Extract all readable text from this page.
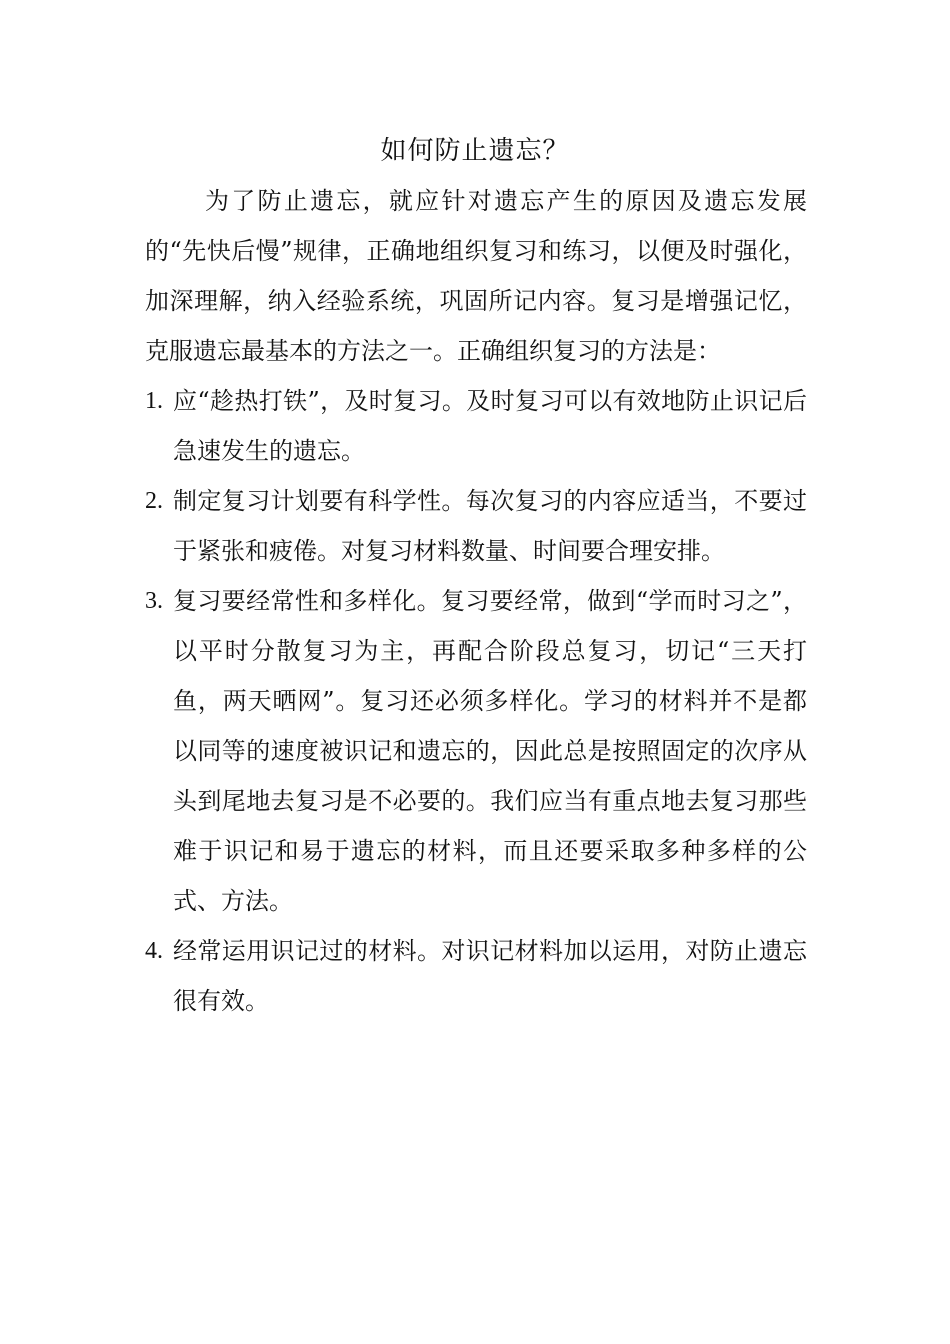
如何防止遗忘？

为了防止遗忘，就应针对遗忘产生的原因及遗忘发展的“先快后慢”规律，正确地组织复习和练习，以便及时强化，加深理解，纳入经验系统，巩固所记内容。复习是增强记忆，克服遗忘最基本的方法之一。正确组织复习的方法是：

1. 应“趁热打铁”，及时复习。及时复习可以有效地防止识记后急速发生的遗忘。
2. 制定复习计划要有科学性。每次复习的内容应适当，不要过于紧张和疲倦。对复习材料数量、时间要合理安排。
3. 复习要经常性和多样化。复习要经常，做到“学而时习之”，以平时分散复习为主，再配合阶段总复习，切记“三天打鱼，两天晒网”。复习还必须多样化。学习的材料并不是都以同等的速度被识记和遗忘的，因此总是按照固定的次序从头到尾地去复习是不必要的。我们应当有重点地去复习那些难于识记和易于遗忘的材料，而且还要采取多种多样的公式、方法。
4. 经常运用识记过的材料。对识记材料加以运用，对防止遗忘很有效。
